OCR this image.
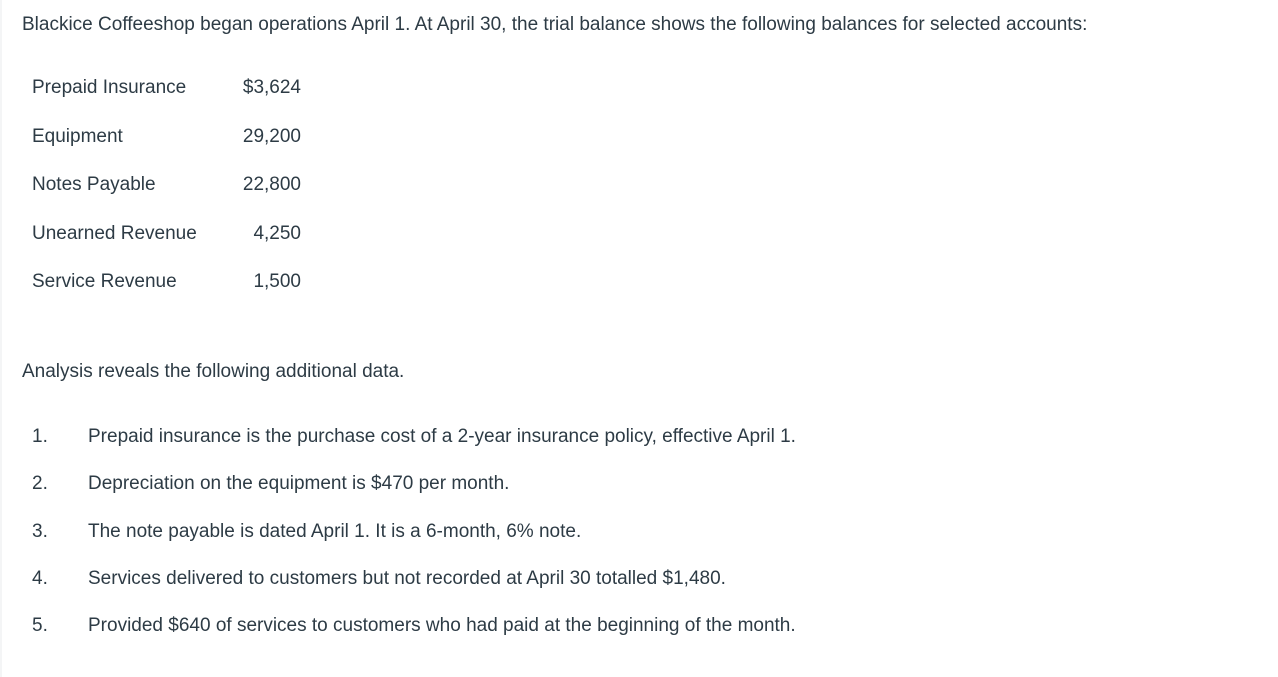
Blackice Coffeeshop began operations April 1. At April 30, the trial balance shows the following balances for selected accounts:

Prepaid Insurance	$3,624
Equipment	29,200
Notes Payable	22,800
Unearned Revenue	4,250
Service Revenue	1,500

Analysis reveals the following additional data.

1. Prepaid insurance is the purchase cost of a 2-year insurance policy, effective April 1.
2. Depreciation on the equipment is $470 per month.
3. The note payable is dated April 1. It is a 6-month, 6% note.
4. Services delivered to customers but not recorded at April 30 totalled $1,480.
5. Provided $640 of services to customers who had paid at the beginning of the month.
